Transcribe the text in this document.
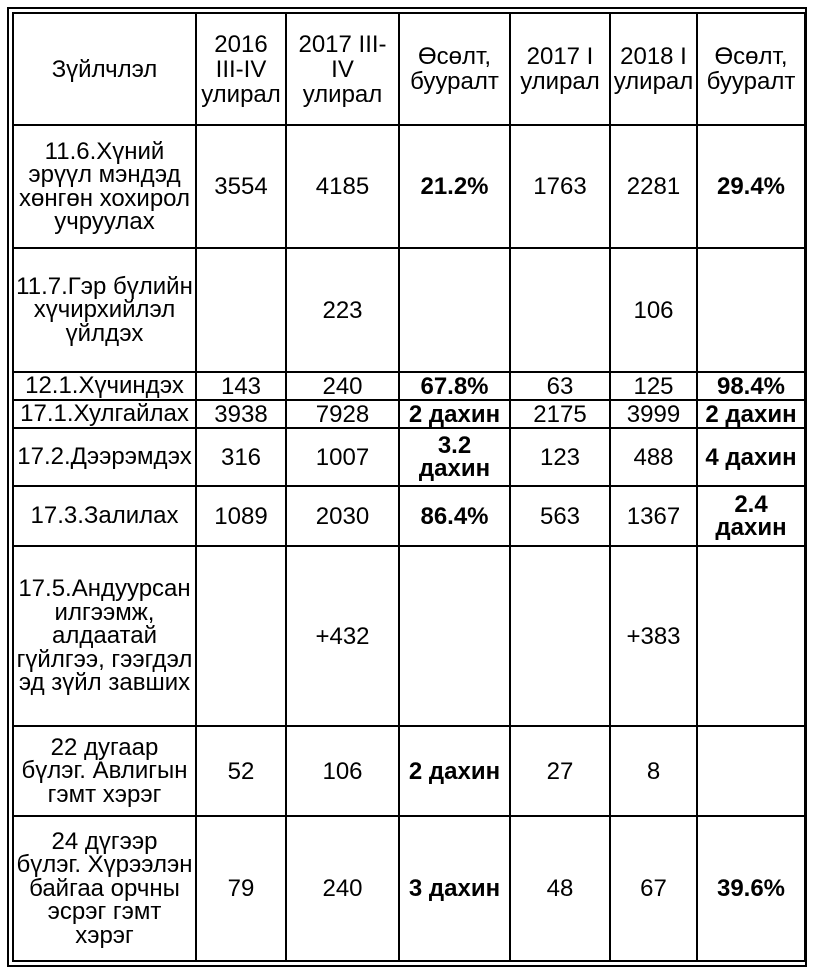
Зүйлчлэл	2016 III-IV улирал	2017 III-IV улирал	Өсөлт, бууралт	2017 I улирал	2018 I улирал	Өсөлт, бууралт
11.6.Хүний эрүүл мэндэд хөнгөн хохирол учруулах	3554	4185	21.2%	1763	2281	29.4%
11.7.Гэр бүлийн хүчирхийлэл үйлдэх		223			106	
12.1.Хүчиндэх	143	240	67.8%	63	125	98.4%
17.1.Хулгайлах	3938	7928	2 дахин	2175	3999	2 дахин
17.2.Дээрэмдэх	316	1007	3.2 дахин	123	488	4 дахин
17.3.Залилах	1089	2030	86.4%	563	1367	2.4 дахин
17.5.Андуурсан илгээмж, алдаатай гүйлгээ, гээгдэл эд зүйл завших		+432			+383	
22 дугаар бүлэг. Авлигын гэмт хэрэг	52	106	2 дахин	27	8	
24 дүгээр бүлэг. Хүрээлэн байгаа орчны эсрэг гэмт хэрэг	79	240	3 дахин	48	67	39.6%
